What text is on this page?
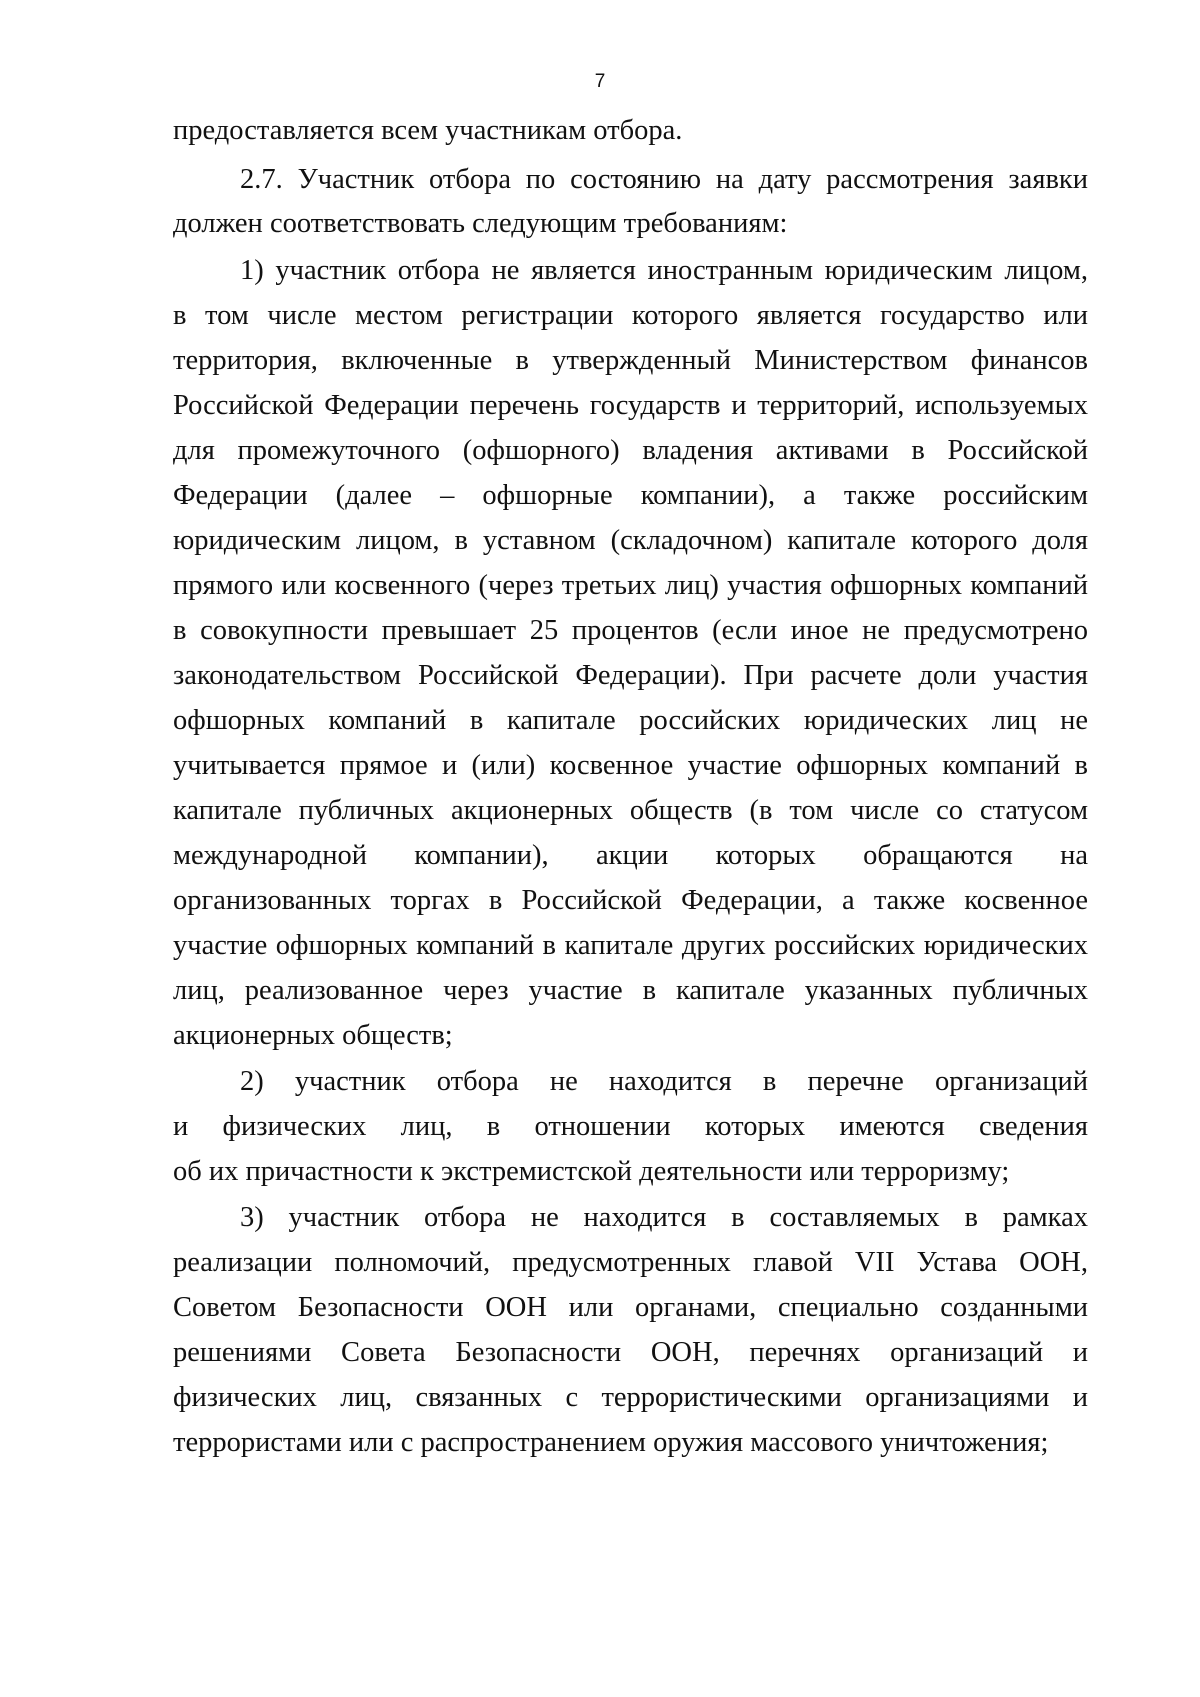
7
предоставляется всем участникам отбора.
2.7. Участник отбора по состоянию на дату рассмотрения заявки
должен соответствовать следующим требованиям:
1) участник отбора не является иностранным юридическим лицом,
в том числе местом регистрации которого является государство или
территория, включенные в утвержденный Министерством финансов
Российской Федерации перечень государств и территорий, используемых
для промежуточного (офшорного) владения активами в Российской
Федерации (далее – офшорные компании), а также российским
юридическим лицом, в уставном (складочном) капитале которого доля
прямого или косвенного (через третьих лиц) участия офшорных компаний
в совокупности превышает 25 процентов (если иное не предусмотрено
законодательством Российской Федерации). При расчете доли участия
офшорных компаний в капитале российских юридических лиц не
учитывается прямое и (или) косвенное участие офшорных компаний в
капитале публичных акционерных обществ (в том числе со статусом
международной компании), акции которых обращаются на
организованных торгах в Российской Федерации, а также косвенное
участие офшорных компаний в капитале других российских юридических
лиц, реализованное через участие в капитале указанных публичных
акционерных обществ;
2) участник отбора не находится в перечне организаций
и физических лиц, в отношении которых имеются сведения
об их причастности к экстремистской деятельности или терроризму;
3) участник отбора не находится в составляемых в рамках
реализации полномочий, предусмотренных главой VII Устава ООН,
Советом Безопасности ООН или органами, специально созданными
решениями Совета Безопасности ООН, перечнях организаций и
физических лиц, связанных с террористическими организациями и
террористами или с распространением оружия массового уничтожения;
